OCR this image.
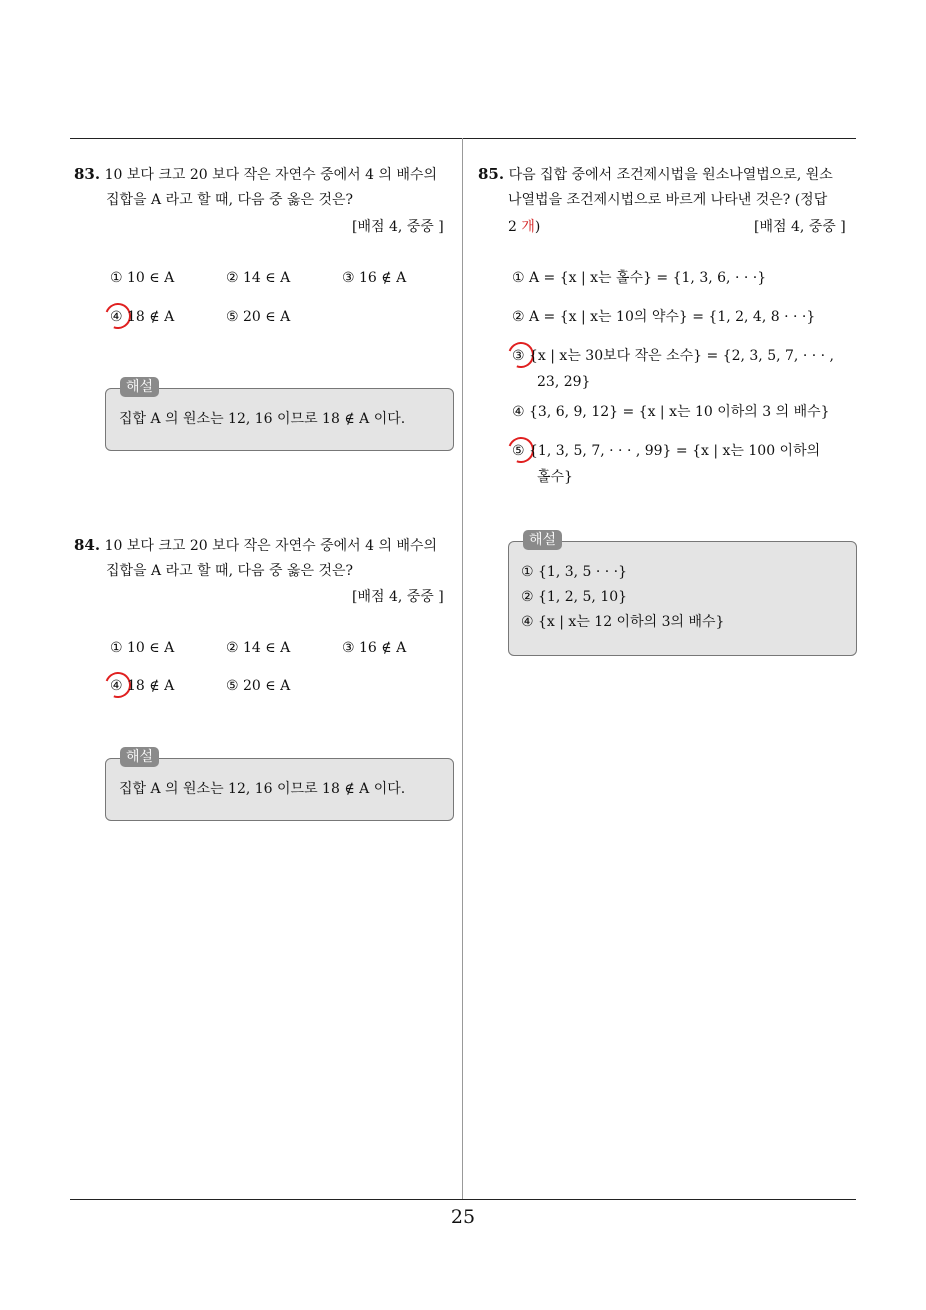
25
83. 10 보다 크고 20 보다 작은 자연수 중에서 4 의 배수의
집합을 A 라고 할 때, 다음 중 옳은 것은?
[배점 4, 중중 ]
① 10 ∈ A	② 14 ∈ A	③ 16 ∉ A
④ 18 ∉ A	⑤ 20 ∈ A
집합 A 의 원소는 12, 16 이므로 18 ∉ A 이다.
해설
84. 10 보다 크고 20 보다 작은 자연수 중에서 4 의 배수의
집합을 A 라고 할 때, 다음 중 옳은 것은?
[배점 4, 중중 ]
① 10 ∈ A	② 14 ∈ A	③ 16 ∉ A
④ 18 ∉ A	⑤ 20 ∈ A
집합 A 의 원소는 12, 16 이므로 18 ∉ A 이다.
해설
85. 다음 집합 중에서 조건제시법을 원소나열법으로, 원소
나열법을 조건제시법으로 바르게 나타낸 것은? (정답
2 개)	[배점 4, 중중 ]
① A = {x | x는 홀수} = {1, 3, 6, · · ·}
② A = {x | x는 10의 약수} = {1, 2, 4, 8 · · ·}
③ {x | x는 30보다 작은 소수} = {2, 3, 5, 7, · · · ,
23, 29}
④ {3, 6, 9, 12} = {x | x는 10 이하의 3 의 배수}
⑤ {1, 3, 5, 7, · · · , 99} = {x | x는 100 이하의
홀수}
① {1, 3, 5 · · ·}
② {1, 2, 5, 10}
④ {x | x는 12 이하의 3의 배수}
해설
